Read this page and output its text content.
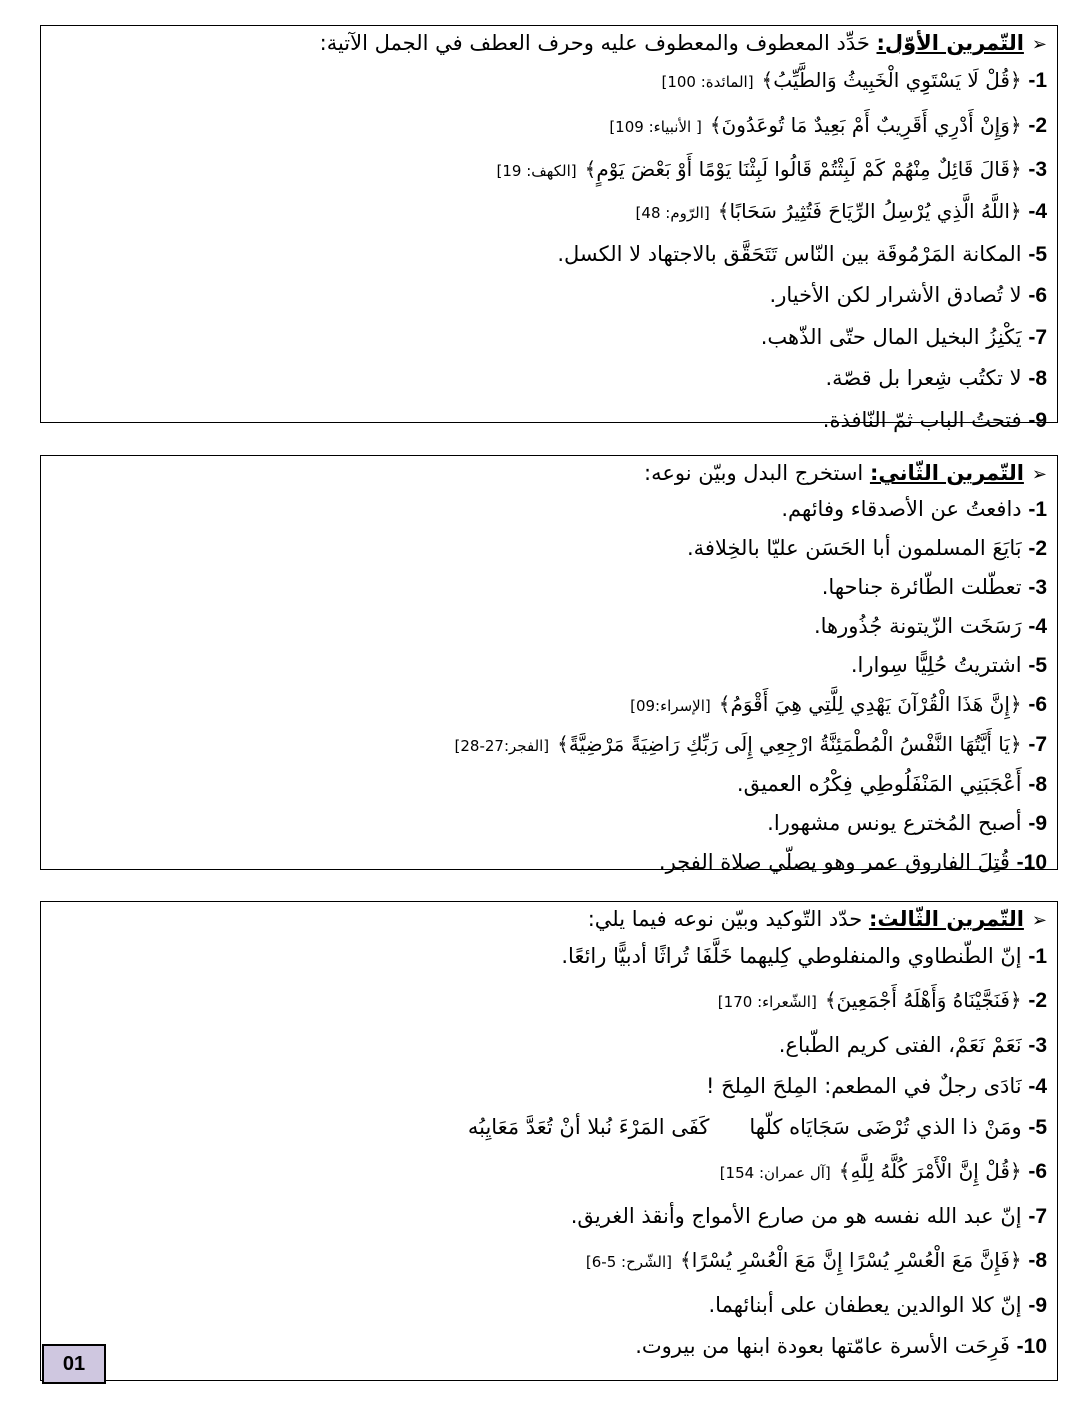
➢التّمرين الأوّل: حَدِّد المعطوف والمعطوف عليه وحرف العطف في الجمل الآتية:
1- ﴿قُلْ لَا يَسْتَوِي الْخَبِيثُ وَالطَّيِّبُ﴾[المائدة: 100]
2- ﴿وَإِنْ أَدْرِي أَقَرِيبٌ أَمْ بَعِيدٌ مَا تُوعَدُونَ﴾[ الأنبياء: 109]
3- ﴿قَالَ قَائِلٌ مِنْهُمْ كَمْ لَبِثْتُمْ قَالُوا لَبِثْنَا يَوْمًا أَوْ بَعْضَ يَوْمٍ﴾[الكهف: 19]
4- ﴿اللَّهُ الَّذِي يُرْسِلُ الرِّيَاحَ فَتُثِيرُ سَحَابًا﴾[الرّوم: 48]
5- المكانة المَرْمُوقَة بين النّاس تَتَحَقَّق بالاجتهاد لا الكسل.
6- لا تُصادق الأشرار لكن الأخيار.
7- يَكْنِزُ البخيل المال حتّى الذّهب.
8- لا تكتُب شِعرا بل قصّة.
9- فتحتُ الباب ثمّ النّافذة.
➢التّمرين الثّاني: استخرج البدل وبيّن نوعه:
1- دافعتُ عن الأصدقاء وفائهم.
2- بَايَعَ المسلمون أبا الحَسَن عليّا بالخِلافة.
3- تعطّلت الطّائرة جناحها.
4- رَسَخَت الزّيتونة جُذُورها.
5- اشتريتُ حُلِيًّا سِوارا.
6- ﴿إِنَّ هَذَا الْقُرْآنَ يَهْدِي لِلَّتِي هِيَ أَقْوَمُ﴾[الإسراء:09]
7- ﴿يَا أَيَّتُهَا النَّفْسُ الْمُطْمَئِنَّةُ ارْجِعِي إِلَى رَبِّكِ رَاضِيَةً مَرْضِيَّةً﴾[الفجر:27-28]
8- أَعْجَبَنِي المَنْفَلُوطِي فِكْرُه العميق.
9- أصبح المُخترع يونس مشهورا.
10- قُتِلَ الفاروق عمر وهو يصلّي صلاة الفجر.
➢التّمرين الثّالث: حدّد التّوكيد وبيّن نوعه فيما يلي:
1- إنّ الطّنطاوي والمنفلوطي كِليهما خَلَّفَا تُراثًا أدبيًّا رائعًا.
2- ﴿فَنَجَّيْنَاهُ وَأَهْلَهُ أَجْمَعِينَ﴾[الشّعراء: 170]
3- نَعَمْ نَعَمْ، الفتى كريم الطّباع.
4- نَادَى رجلٌ في المطعم: المِلحَ المِلحَ !
5- ومَنْ ذا الذي تُرْضَى سَجَايَاه كلّهاكَفَى المَرْءَ نُبلا أنْ تُعَدَّ مَعَايِبُه
6- ﴿قُلْ إِنَّ الْأَمْرَ كُلَّهُ لِلَّهِ﴾[آل عمران: 154]
7- إنّ عبد الله نفسه هو من صارع الأمواج وأنقذ الغريق.
8- ﴿فَإِنَّ مَعَ الْعُسْرِ يُسْرًا إِنَّ مَعَ الْعُسْرِ يُسْرًا﴾[الشّرح: 5-6]
9- إنّ كلا الوالدين يعطفان على أبنائهما.
10- فَرِحَت الأسرة عامّتها بعودة ابنها من بيروت.
01
